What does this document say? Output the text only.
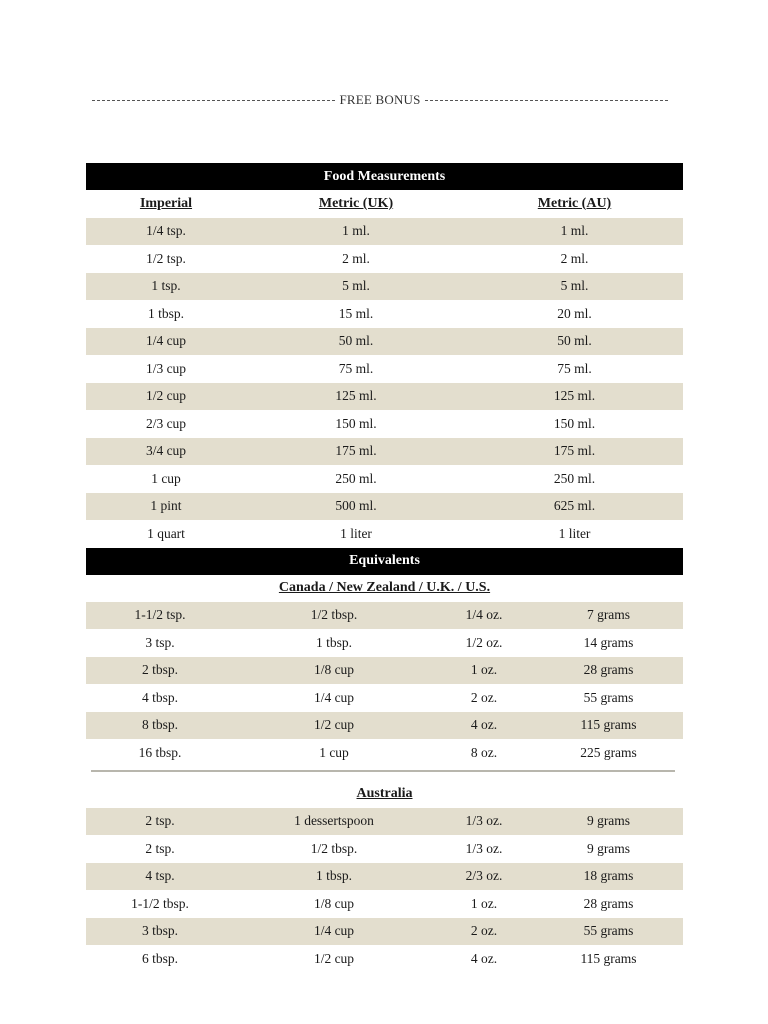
FREE BONUS
Food Measurements
Imperial	Metric (UK)	Metric (AU)
1/4 tsp.	1 ml.	1 ml.
1/2 tsp.	2 ml.	2 ml.
1 tsp.	5 ml.	5 ml.
1 tbsp.	15 ml.	20 ml.
1/4 cup	50 ml.	50 ml.
1/3 cup	75 ml.	75 ml.
1/2 cup	125 ml.	125 ml.
2/3 cup	150 ml.	150 ml.
3/4 cup	175 ml.	175 ml.
1 cup	250 ml.	250 ml.
1 pint	500 ml.	625 ml.
1 quart	1 liter	1 liter
Equivalents
Canada / New Zealand / U.K. / U.S.
1-1/2 tsp.	1/2 tbsp.	1/4 oz.	7 grams
3 tsp.	1 tbsp.	1/2 oz.	14 grams
2 tbsp.	1/8 cup	1 oz.	28 grams
4 tbsp.	1/4 cup	2 oz.	55 grams
8 tbsp.	1/2 cup	4 oz.	115 grams
16 tbsp.	1 cup	8 oz.	225 grams
Australia
2 tsp.	1 dessertspoon	1/3 oz.	9 grams
2 tsp.	1/2 tbsp.	1/3 oz.	9 grams
4 tsp.	1 tbsp.	2/3 oz.	18 grams
1-1/2 tbsp.	1/8 cup	1 oz.	28 grams
3 tbsp.	1/4 cup	2 oz.	55 grams
6 tbsp.	1/2 cup	4 oz.	115 grams
